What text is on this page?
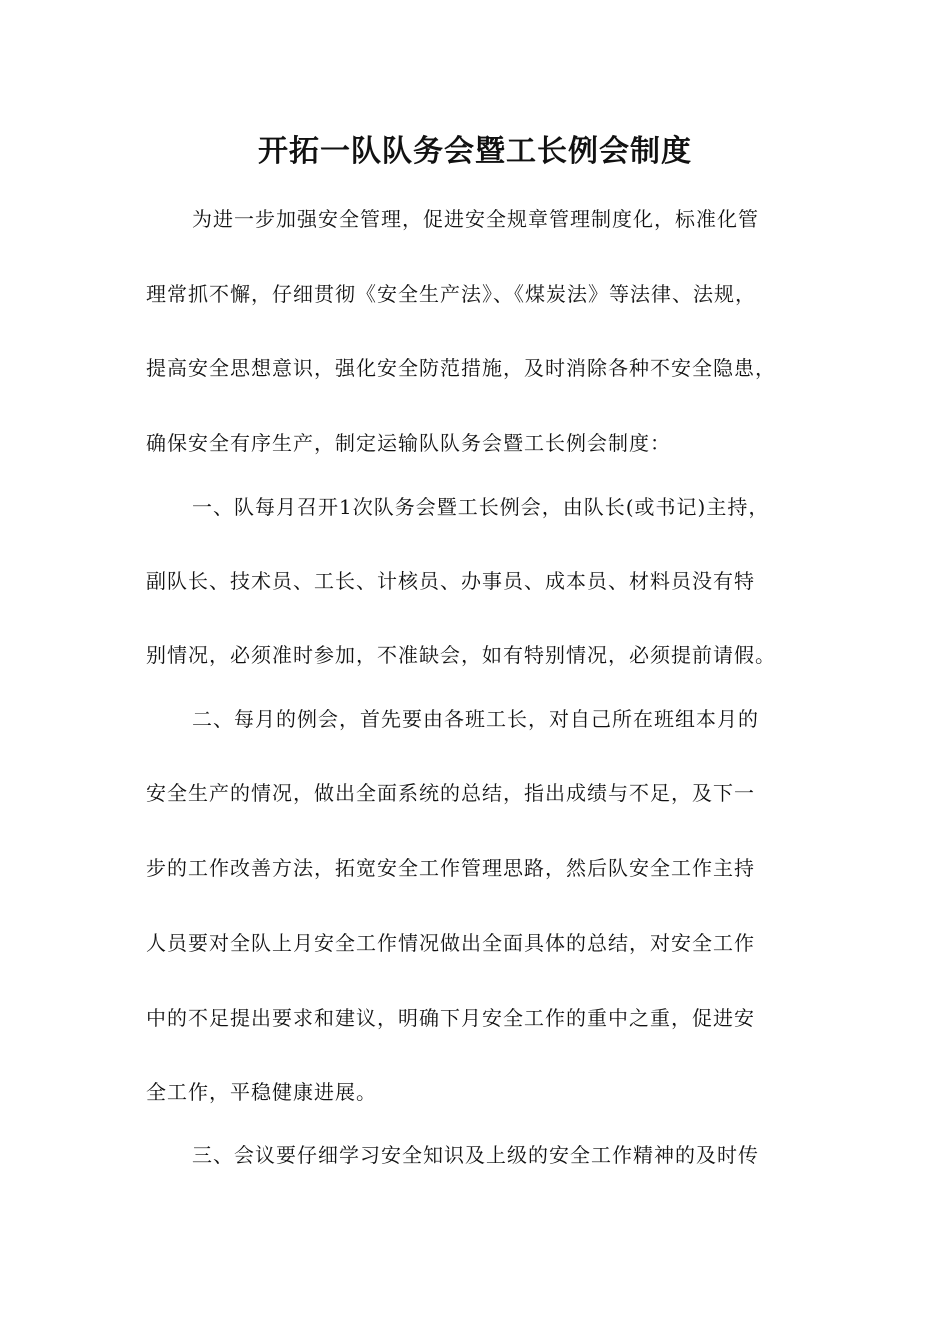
开拓一队队务会暨工长例会制度
为进一步加强安全管理，促进安全规章管理制度化，标准化管
理常抓不懈，仔细贯彻《安全生产法》、《煤炭法》等法律、法规，
提高安全思想意识，强化安全防范措施，及时消除各种不安全隐患，
确保安全有序生产，制定运输队队务会暨工长例会制度：
一、队每月召开1次队务会暨工长例会，由队长(或书记)主持，
副队长、技术员、工长、计核员、办事员、成本员、材料员没有特
别情况，必须准时参加，不准缺会，如有特别情况，必须提前请假。
二、每月的例会，首先要由各班工长，对自己所在班组本月的
安全生产的情况，做出全面系统的总结，指出成绩与不足，及下一
步的工作改善方法，拓宽安全工作管理思路，然后队安全工作主持
人员要对全队上月安全工作情况做出全面具体的总结，对安全工作
中的不足提出要求和建议，明确下月安全工作的重中之重，促进安
全工作，平稳健康进展。
三、会议要仔细学习安全知识及上级的安全工作精神的及时传
